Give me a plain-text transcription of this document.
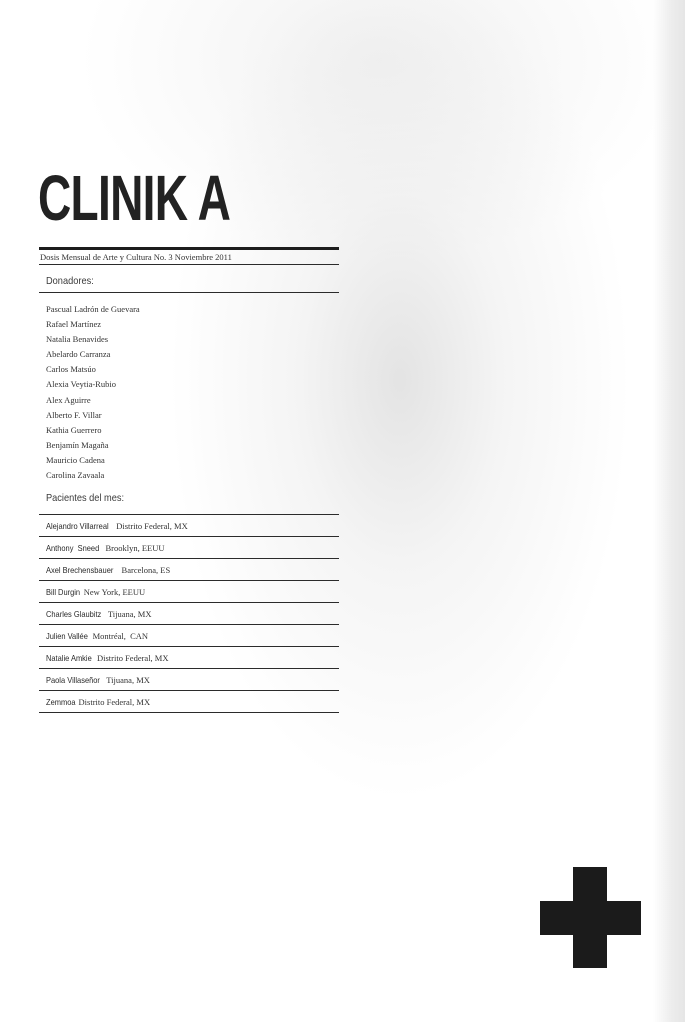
CLINIK A
Dosis Mensual de Arte y Cultura No. 3 Noviembre 2011
Donadores:
Pascual Ladrón de Guevara
Rafael Martínez
Natalia Benavides
Abelardo Carranza
Carlos Matsúo
Alexia Veytia-Rubio
Alex Aguirre
Alberto F. Villar
Kathia Guerrero
Benjamín Magaña
Mauricio Cadena
Carolina Zavaala
Pacientes del mes:
Alejandro Villarreal Distrito Federal, MX
Anthony  Sneed Brooklyn, EEUU
Axel Brechensbauer Barcelona, ES
Bill Durgin New York, EEUU
Charles Glaubitz Tijuana, MX
Julien Vallée Montréal,  CAN
Natalie Amkie Distrito Federal, MX
Paola Villaseñor Tijuana, MX
Zemmoa Distrito Federal, MX
